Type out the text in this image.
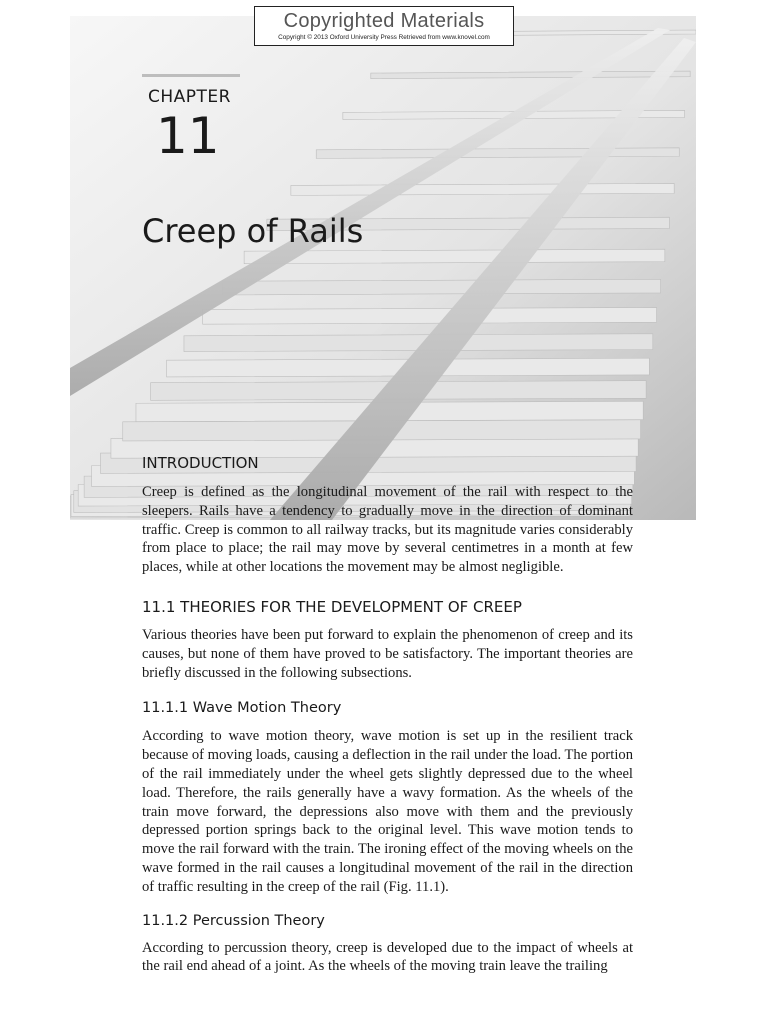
Copyrighted Materials
Copyright © 2013 Oxford University Press Retrieved from www.knovel.com
CHAPTER
11
Creep of Rails
INTRODUCTION

Creep is defined as the longitudinal movement of the rail with respect to the sleepers. Rails have a tendency to gradually move in the direction of dominant traffic. Creep is common to all railway tracks, but its magnitude varies considerably from place to place; the rail may move by several centimetres in a month at few places, while at other locations the movement may be almost negligible.

11.1 THEORIES FOR THE DEVELOPMENT OF CREEP

Various theories have been put forward to explain the phenomenon of creep and its causes, but none of them have proved to be satisfactory. The important theories are briefly discussed in the following subsections.

11.1.1 Wave Motion Theory

According to wave motion theory, wave motion is set up in the resilient track because of moving loads, causing a deflection in the rail under the load. The portion of the rail immediately under the wheel gets slightly depressed due to the wheel load. Therefore, the rails generally have a wavy formation. As the wheels of the train move forward, the depressions also move with them and the previously depressed portion springs back to the original level. This wave motion tends to move the rail forward with the train. The ironing effect of the moving wheels on the wave formed in the rail causes a longitudinal movement of the rail in the direction of traffic resulting in the creep of the rail (Fig. 11.1).

11.1.2 Percussion Theory

According to percussion theory, creep is developed due to the impact of wheels at the rail end ahead of a joint. As the wheels of the moving train leave the trailing
